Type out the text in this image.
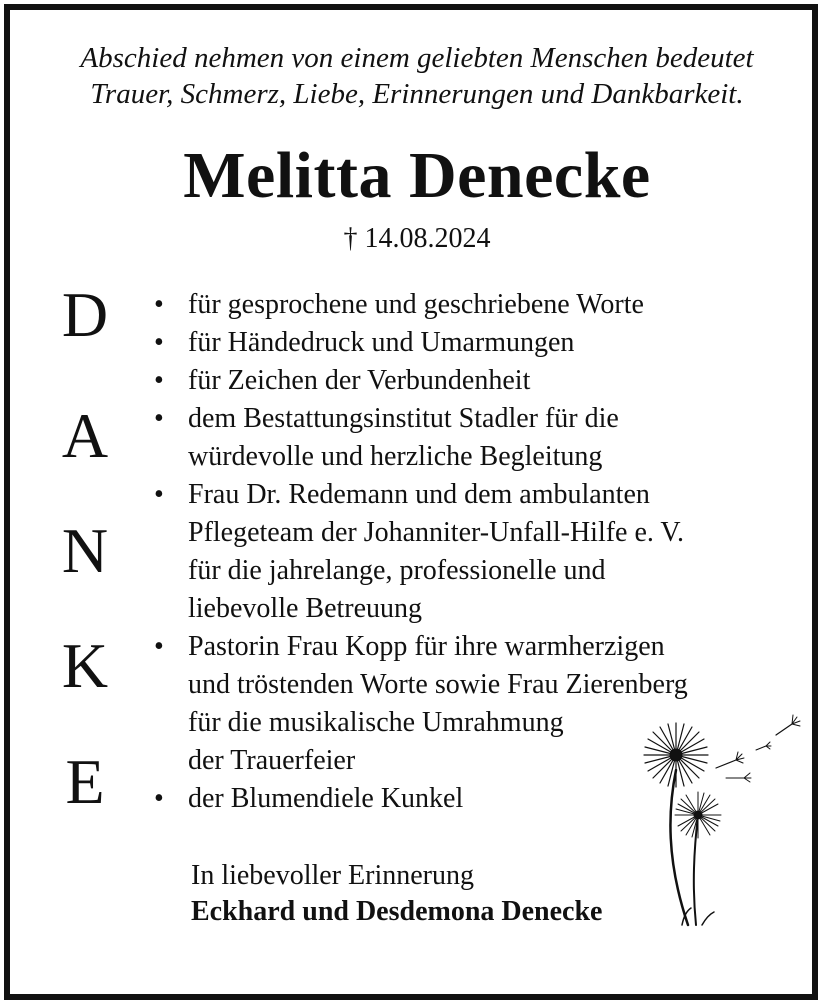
Abschied nehmen von einem geliebten Menschen bedeutet
Trauer, Schmerz, Liebe, Erinnerungen und Dankbarkeit.
Melitta Denecke
† 14.08.2024
D
A
N
K
E
• für gesprochene und geschriebene Worte
• für Händedruck und Umarmungen
• für Zeichen der Verbundenheit
• dem Bestattungsinstitut Stadler für die
würdevolle und herzliche Begleitung
• Frau Dr. Redemann und dem ambulanten
Pflegeteam der Johanniter-Unfall-Hilfe e. V.
für die jahrelange, professionelle und
liebevolle Betreuung
• Pastorin Frau Kopp für ihre warmherzigen
und tröstenden Worte sowie Frau Zierenberg
für die musikalische Umrahmung
der Trauerfeier
• der Blumendiele Kunkel
In liebevoller Erinnerung
Eckhard und Desdemona Denecke
